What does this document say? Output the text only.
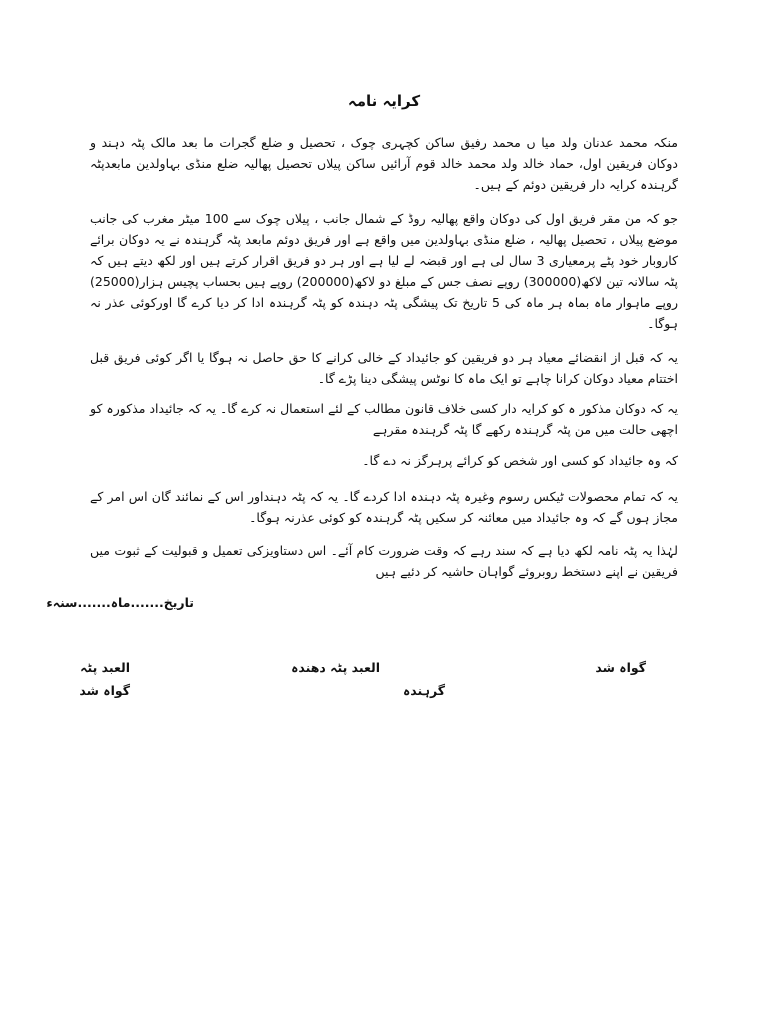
کرایہ نامہ
منکہ محمد عدنان ولد میا ں محمد رفیق ساکن کچہری چوک ، تحصیل و ضلع گجرات ما بعد مالک پٹہ دہند و دوکان فریقین اول، حماد خالد ولد محمد خالد قوم آرائیں ساکن پیلاں تحصیل پھالیہ ضلع منڈی بہاولدین مابعدپٹہ گرہندہ کرایہ دار فریقین دوئم کے ہیں۔
جو کہ من مقر فریق اول کی دوکان واقع پھالیہ روڈ کے شمال جانب ، پیلاں چوک سے 100 میٹر مغرب کی جانب موضع پیلاں ، تحصیل پھالیہ ، ضلع منڈی بہاولدین میں واقع ہے اور فریق دوئم مابعد پٹہ گرہندہ نے یہ دوکان برائے کاروبار خود پٹے پرمعیاری 3 سال لی ہے اور قبضہ لے لیا ہے اور ہر دو فریق اقرار کرتے ہیں اور لکھ دیتے ہیں کہ پٹہ سالانہ تین لاکھ(300000) روپے نصف جس کے مبلغ دو لاکھ(200000) روپے ہیں بحساب پچیس ہزار(25000) روپے ماہوار ماہ بماہ ہر ماہ کی 5 تاریخ تک پیشگی پٹہ دہندہ کو پٹہ گرہندہ ادا کر دیا کرے گا اورکوئی عذر نہ ہوگا۔
یہ کہ قبل از انقضائے معیاد ہر دو فریقین کو جائیداد کے خالی کرانے کا حق حاصل نہ ہوگا یا اگر کوئی فریق قبل اختتام معیاد دوکان کرانا چاہے تو ایک ماہ کا نوٹس پیشگی دینا پڑے گا۔
یہ کہ دوکان مذکور ہ کو کرایہ دار کسی خلاف قانون مطالب کے لئے استعمال نہ کرے گا۔ یہ کہ جائیداد مذکورہ کو اچھی حالت میں من پٹہ گرہندہ رکھے گا پٹہ گرہندہ مقرہے
کہ وہ جائیداد کو کسی اور شخص کو کرائے پرہرگز نہ دے گا۔
یہ کہ تمام محصولات ٹیکس رسوم وغیرہ پٹہ دہندہ ادا کردے گا۔ یہ کہ پٹہ دہنداور اس کے نمائند گان اس امر کے مجاز ہوں گے کہ وہ جائیداد میں معائنہ کر سکیں پٹہ گرہندہ کو کوئی عذرنہ ہوگا۔
لہٰذا یہ پٹہ نامہ لکھ دیا ہے کہ سند رہے کہ وقت ضرورت کام آئے۔ اس دستاویزکی تعمیل و قبولیت کے ثبوت میں فریقین نے اپنے دستخط روبروئے گواہان حاشیہ کر دئیے ہیں
تاریخ.......ماہ.......سنہء
گواہ شد
العبد پٹہ دھندہ
العبد پٹہ
گرہندہ
گواہ شد
